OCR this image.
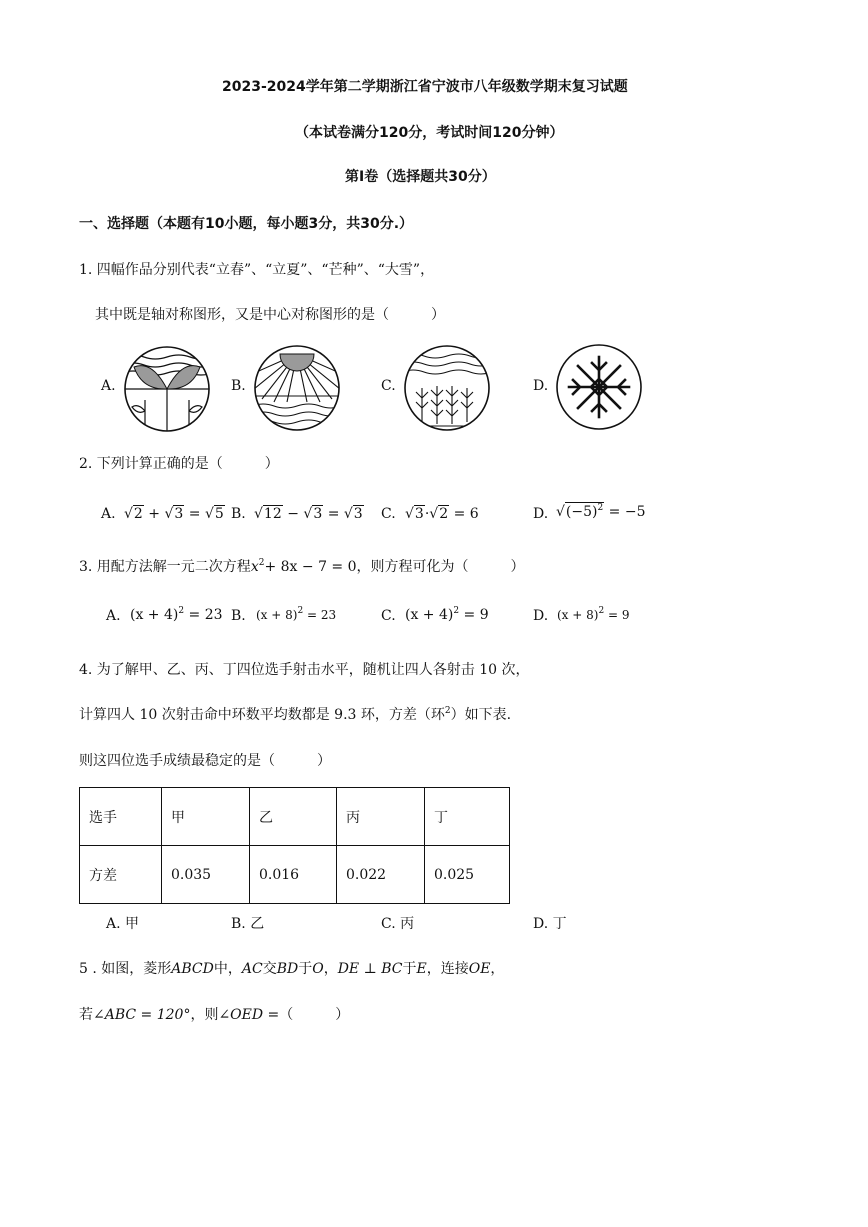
2023-2024学年第二学期浙江省宁波市八年级数学期末复习试题
（本试卷满分120分，考试时间120分钟）
第Ⅰ卷（选择题共30分）
一、选择题（本题有10小题，每小题3分，共30分.）
1. 四幅作品分别代表“立春”、“立夏”、“芒种”、“大雪”，
其中既是轴对称图形，又是中心对称图形的是（　　　）
A.	B.	C.	D.
2. 下列计算正确的是（　　　）
A. √2 + √3 = √5 B. √12 − √3 = √3 C. √3·√2 = 6	D. $√(-5)^2 = -5$
3. 用配方法解一元二次方程$x^2+ 8x - 7 = 0$，则方程可化为（　　　）
A. $(x + 4)^2 = 23$ B. $(x + 8)^2 = 23$	C. $(x + 4)^2 = 9$	D. $(x + 8)^2 = 9$
4. 为了解甲、乙、丙、丁四位选手射击水平，随机让四人各射击 10 次，
计算四人 10 次射击命中环数平均数都是 9.3 环，方差（环$^2$）如下表.
则这四位选手成绩最稳定的是（　　　）
选手	甲	乙	丙	丁
方差	0.035	0.016	0.022	0.025
A. 甲	B. 乙	C. 丙	D. 丁
5 . 如图，菱形ABCD中，AC交BD于O，DE ⊥ BC于E，连接OE，
若∠ABC = 120°，则∠OED =（　　　）
